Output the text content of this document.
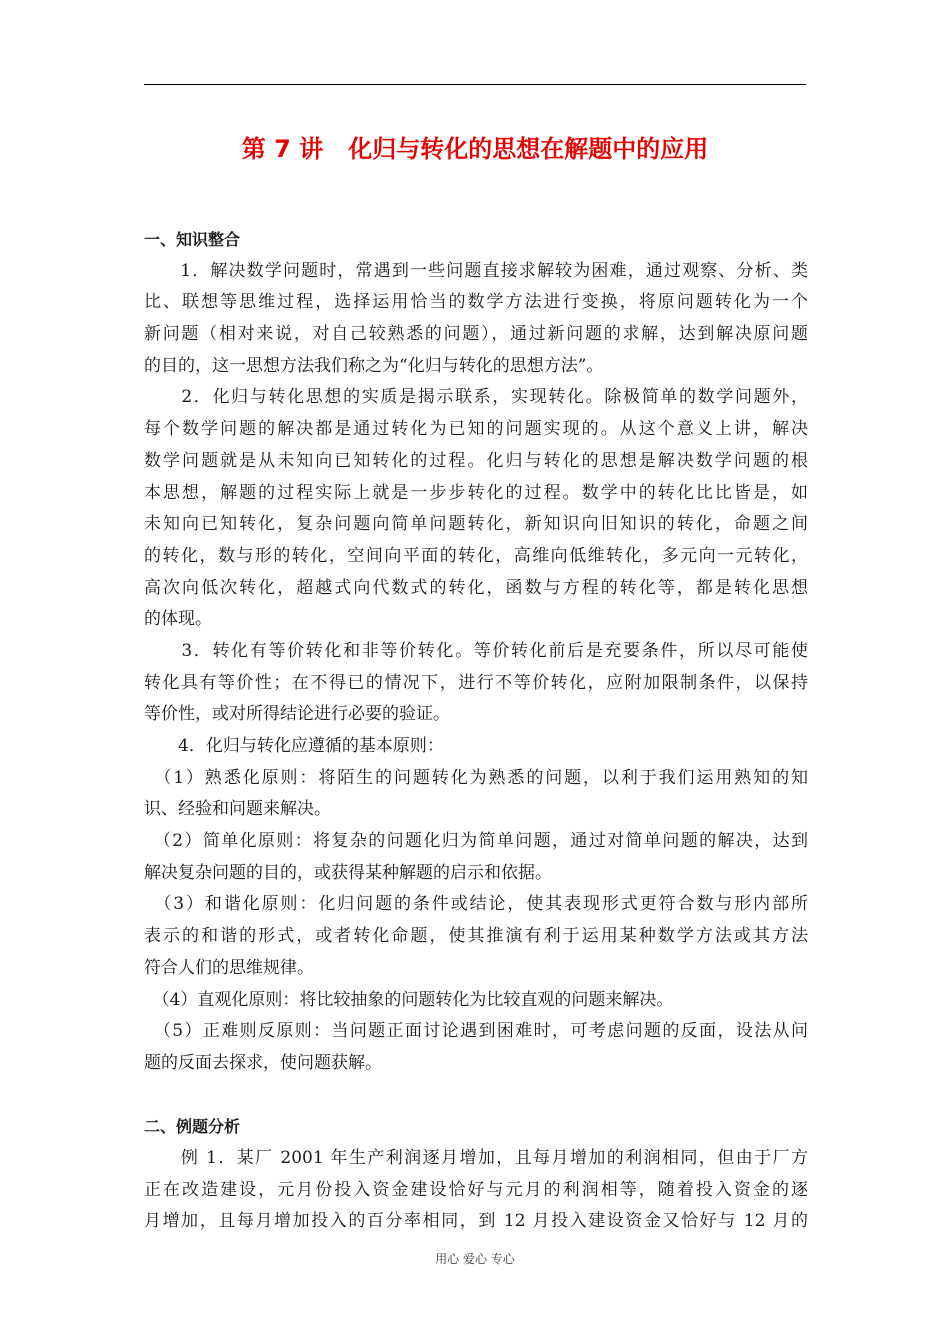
第 7 讲   化归与转化的思想在解题中的应用
一、知识整合
　　1．解决数学问题时，常遇到一些问题直接求解较为困难，通过观察、分析、类
比、联想等思维过程，选择运用恰当的数学方法进行变换，将原问题转化为一个
新问题（相对来说，对自己较熟悉的问题），通过新问题的求解，达到解决原问题
的目的，这一思想方法我们称之为“化归与转化的思想方法”。
　　2．化归与转化思想的实质是揭示联系，实现转化。除极简单的数学问题外，
每个数学问题的解决都是通过转化为已知的问题实现的。从这个意义上讲，解决
数学问题就是从未知向已知转化的过程。化归与转化的思想是解决数学问题的根
本思想，解题的过程实际上就是一步步转化的过程。数学中的转化比比皆是，如
未知向已知转化，复杂问题向简单问题转化，新知识向旧知识的转化，命题之间
的转化，数与形的转化，空间向平面的转化，高维向低维转化，多元向一元转化，
高次向低次转化，超越式向代数式的转化，函数与方程的转化等，都是转化思想
的体现。
　　3．转化有等价转化和非等价转化。等价转化前后是充要条件，所以尽可能使
转化具有等价性；在不得已的情况下，进行不等价转化，应附加限制条件，以保持
等价性，或对所得结论进行必要的验证。
　　4．化归与转化应遵循的基本原则：
　（1）熟悉化原则：将陌生的问题转化为熟悉的问题，以利于我们运用熟知的知
识、经验和问题来解决。
　（2）简单化原则：将复杂的问题化归为简单问题，通过对简单问题的解决，达到
解决复杂问题的目的，或获得某种解题的启示和依据。
　（3）和谐化原则：化归问题的条件或结论，使其表现形式更符合数与形内部所
表示的和谐的形式，或者转化命题，使其推演有利于运用某种数学方法或其方法
符合人们的思维规律。
　（4）直观化原则：将比较抽象的问题转化为比较直观的问题来解决。
　（5）正难则反原则：当问题正面讨论遇到困难时，可考虑问题的反面，设法从问
题的反面去探求，使问题获解。
二、例题分析
　　例 1．某厂 2001 年生产利润逐月增加，且每月增加的利润相同，但由于厂方
正在改造建设，元月份投入资金建设恰好与元月的利润相等，随着投入资金的逐
月增加，且每月增加投入的百分率相同，到 12 月投入建设资金又恰好与 12 月的
用心 爱心 专心
